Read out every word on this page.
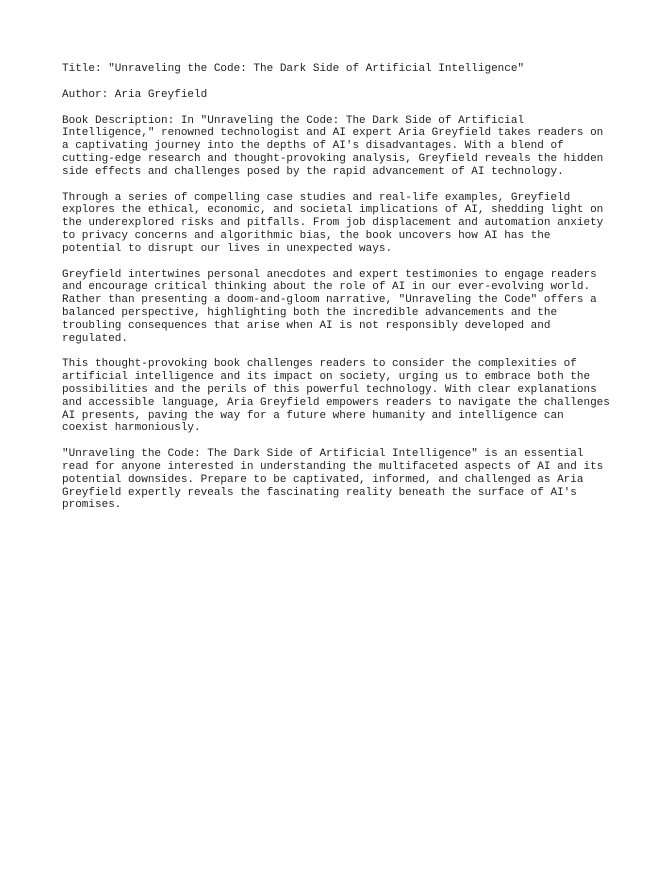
Title: "Unraveling the Code: The Dark Side of Artificial Intelligence"

Author: Aria Greyfield

Book Description: In "Unraveling the Code: The Dark Side of Artificial
Intelligence," renowned technologist and AI expert Aria Greyfield takes readers on
a captivating journey into the depths of AI's disadvantages. With a blend of
cutting-edge research and thought-provoking analysis, Greyfield reveals the hidden
side effects and challenges posed by the rapid advancement of AI technology.

Through a series of compelling case studies and real-life examples, Greyfield
explores the ethical, economic, and societal implications of AI, shedding light on
the underexplored risks and pitfalls. From job displacement and automation anxiety
to privacy concerns and algorithmic bias, the book uncovers how AI has the
potential to disrupt our lives in unexpected ways.

Greyfield intertwines personal anecdotes and expert testimonies to engage readers
and encourage critical thinking about the role of AI in our ever-evolving world.
Rather than presenting a doom-and-gloom narrative, "Unraveling the Code" offers a
balanced perspective, highlighting both the incredible advancements and the
troubling consequences that arise when AI is not responsibly developed and
regulated.

This thought-provoking book challenges readers to consider the complexities of
artificial intelligence and its impact on society, urging us to embrace both the
possibilities and the perils of this powerful technology. With clear explanations
and accessible language, Aria Greyfield empowers readers to navigate the challenges
AI presents, paving the way for a future where humanity and intelligence can
coexist harmoniously.

"Unraveling the Code: The Dark Side of Artificial Intelligence" is an essential
read for anyone interested in understanding the multifaceted aspects of AI and its
potential downsides. Prepare to be captivated, informed, and challenged as Aria
Greyfield expertly reveals the fascinating reality beneath the surface of AI's
promises.
